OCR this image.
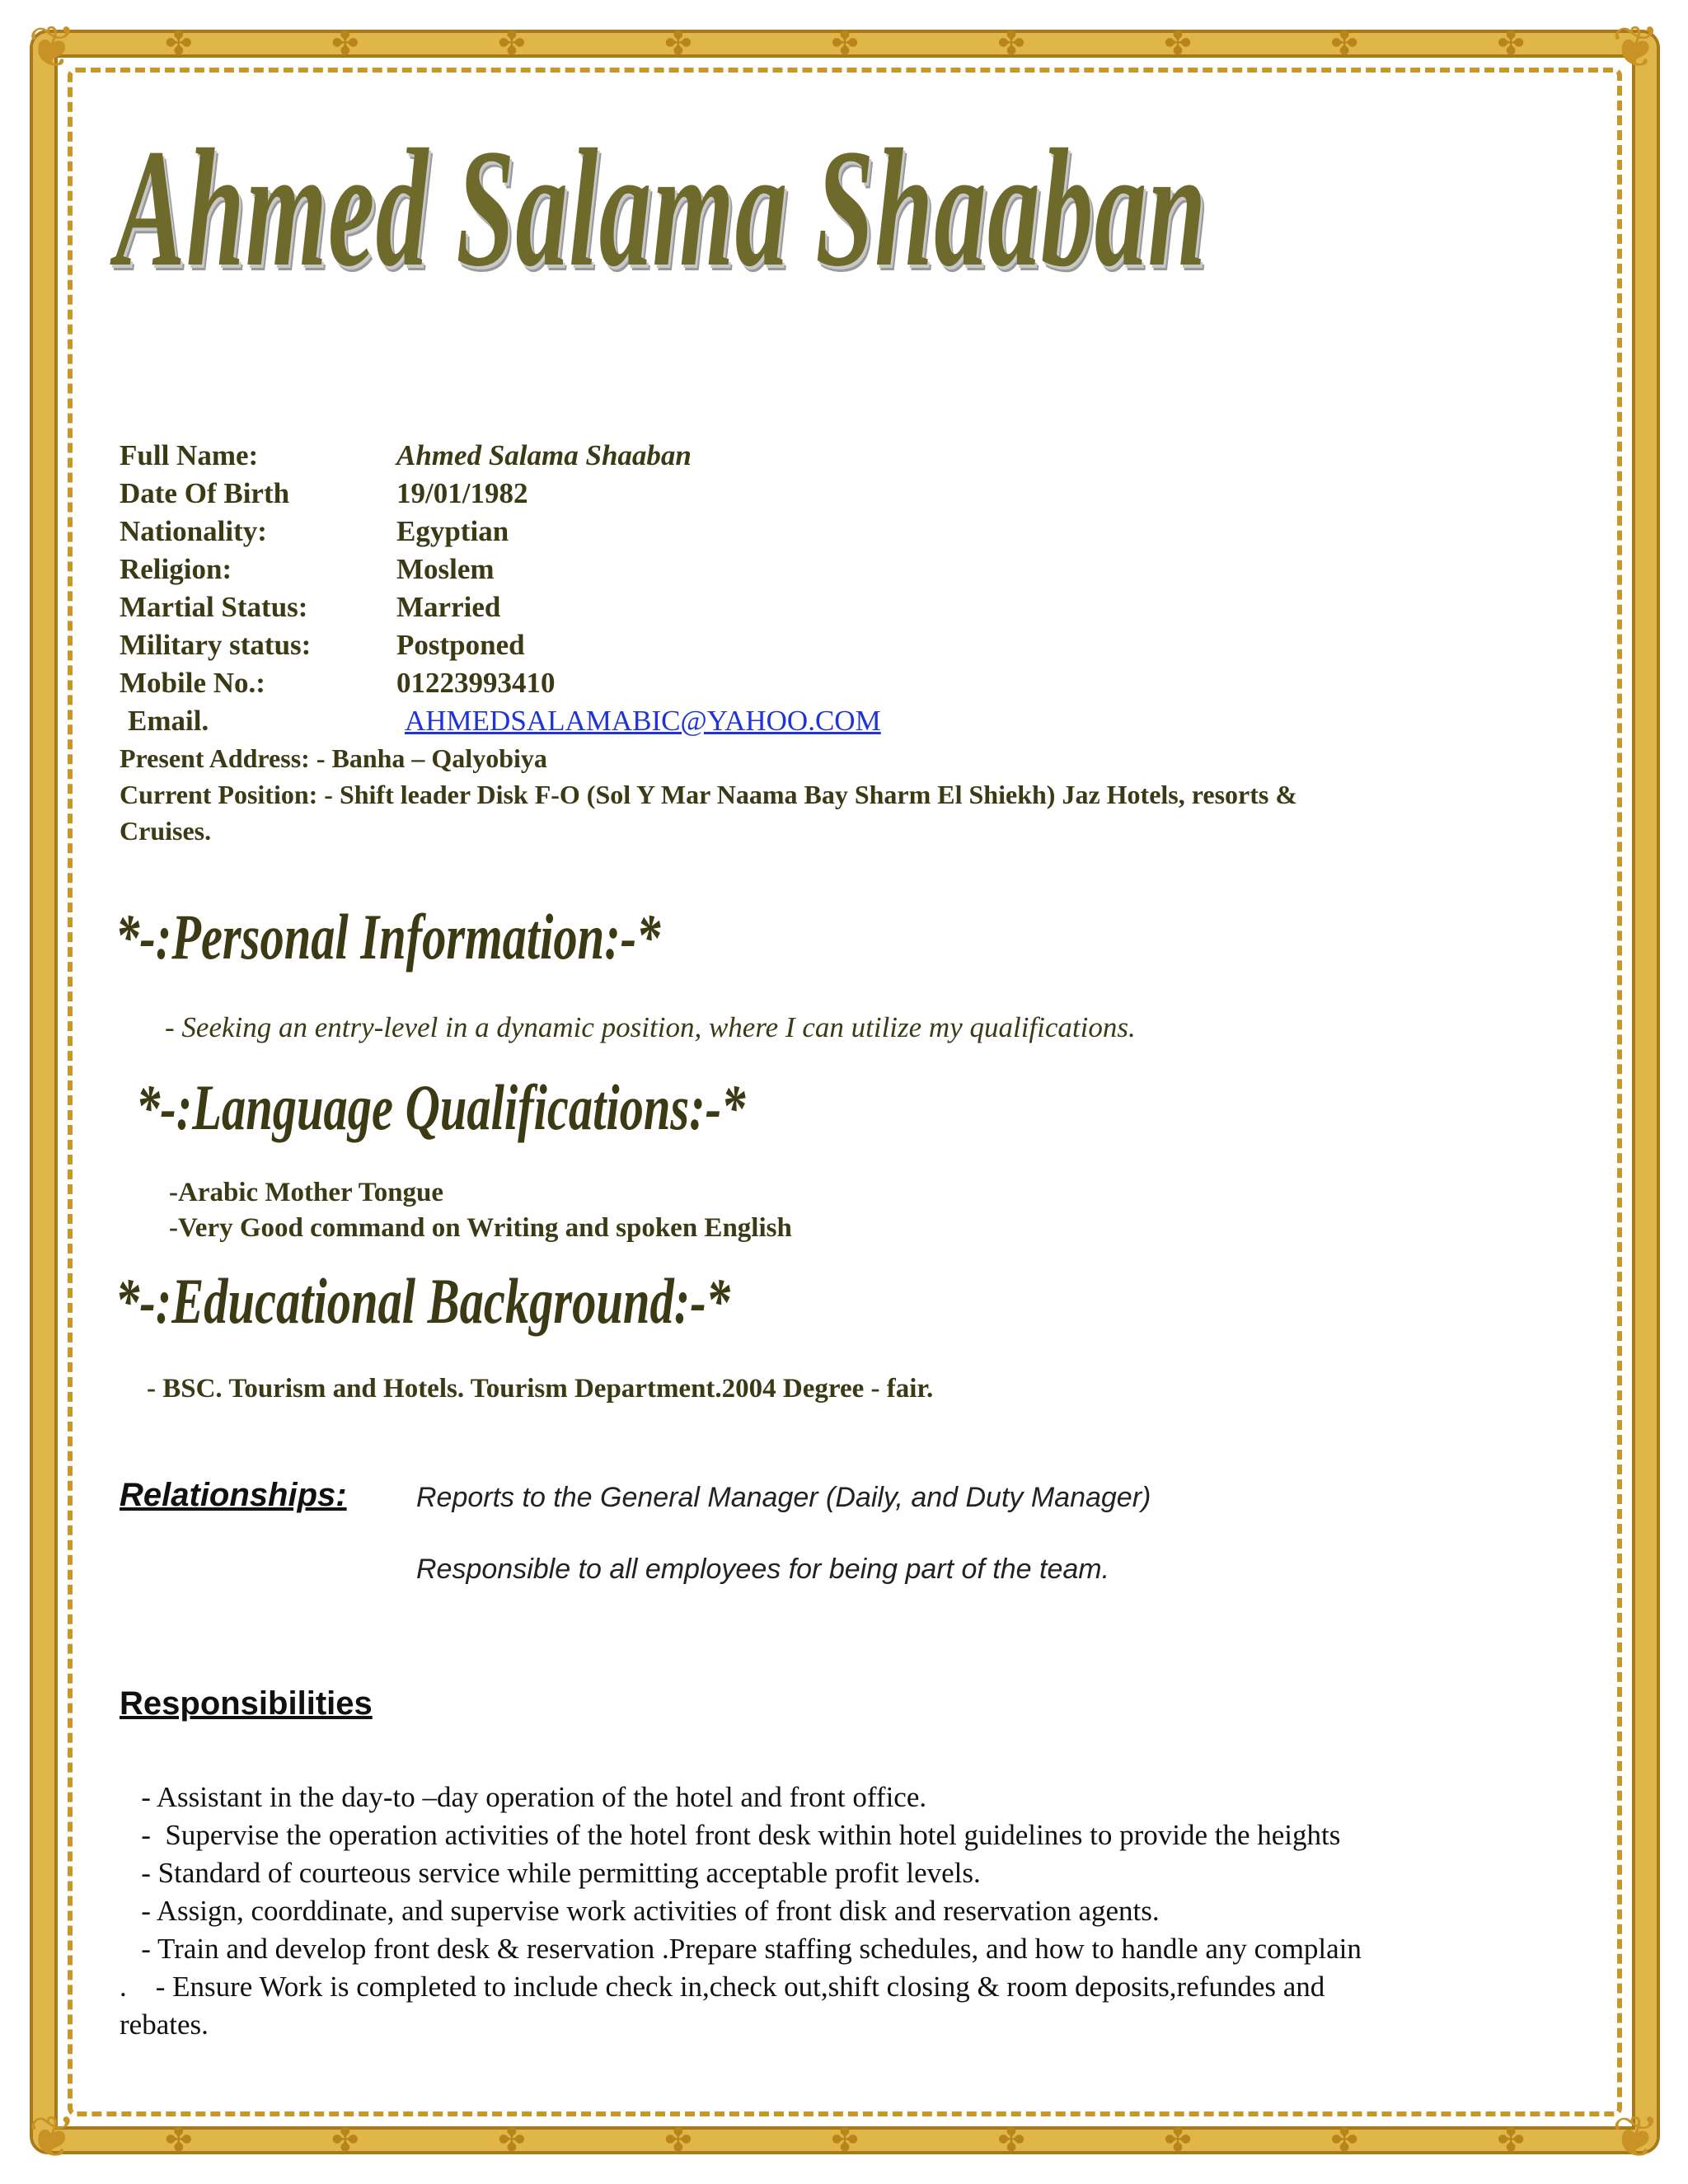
❦	❦
❦	❦
✤	✤	✤	✤	✤	✤	✤	✤	✤
✤	✤	✤	✤	✤	✤	✤	✤	✤
Ahmed Salama Shaaban
Full Name:	Ahmed Salama Shaaban
Date Of Birth	19/01/1982
Nationality:	Egyptian
Religion:	Moslem
Martial Status:	Married
Military status:	Postponed
Mobile No.:	01223993410
Email.	AHMEDSALAMABIC@YAHOO.COM
Present Address: - Banha – Qalyobiya
Current Position: - Shift leader Disk F-O (Sol Y Mar Naama Bay Sharm El Shiekh) Jaz Hotels, resorts &
Cruises.
*-:Personal Information:-*
- Seeking an entry-level in a dynamic position, where I can utilize my qualifications.
*-:Language Qualifications:-*
-Arabic Mother Tongue
-Very Good command on Writing and spoken English
*-:Educational Background:-*
- BSC. Tourism and Hotels. Tourism Department.2004 Degree - fair.
Relationships: Reports to the General Manager (Daily, and Duty Manager)
Responsible to all employees for being part of the team.
Responsibilities
- Assistant in the day-to –day operation of the hotel and front office.
-  Supervise the operation activities of the hotel front desk within hotel guidelines to provide the heights
- Standard of courteous service while permitting acceptable profit levels.
- Assign, coorddinate, and supervise work activities of front disk and reservation agents.
- Train and develop front desk & reservation .Prepare staffing schedules, and how to handle any complain
.    - Ensure Work is completed to include check in,check out,shift closing & room deposits,refundes and
rebates.
